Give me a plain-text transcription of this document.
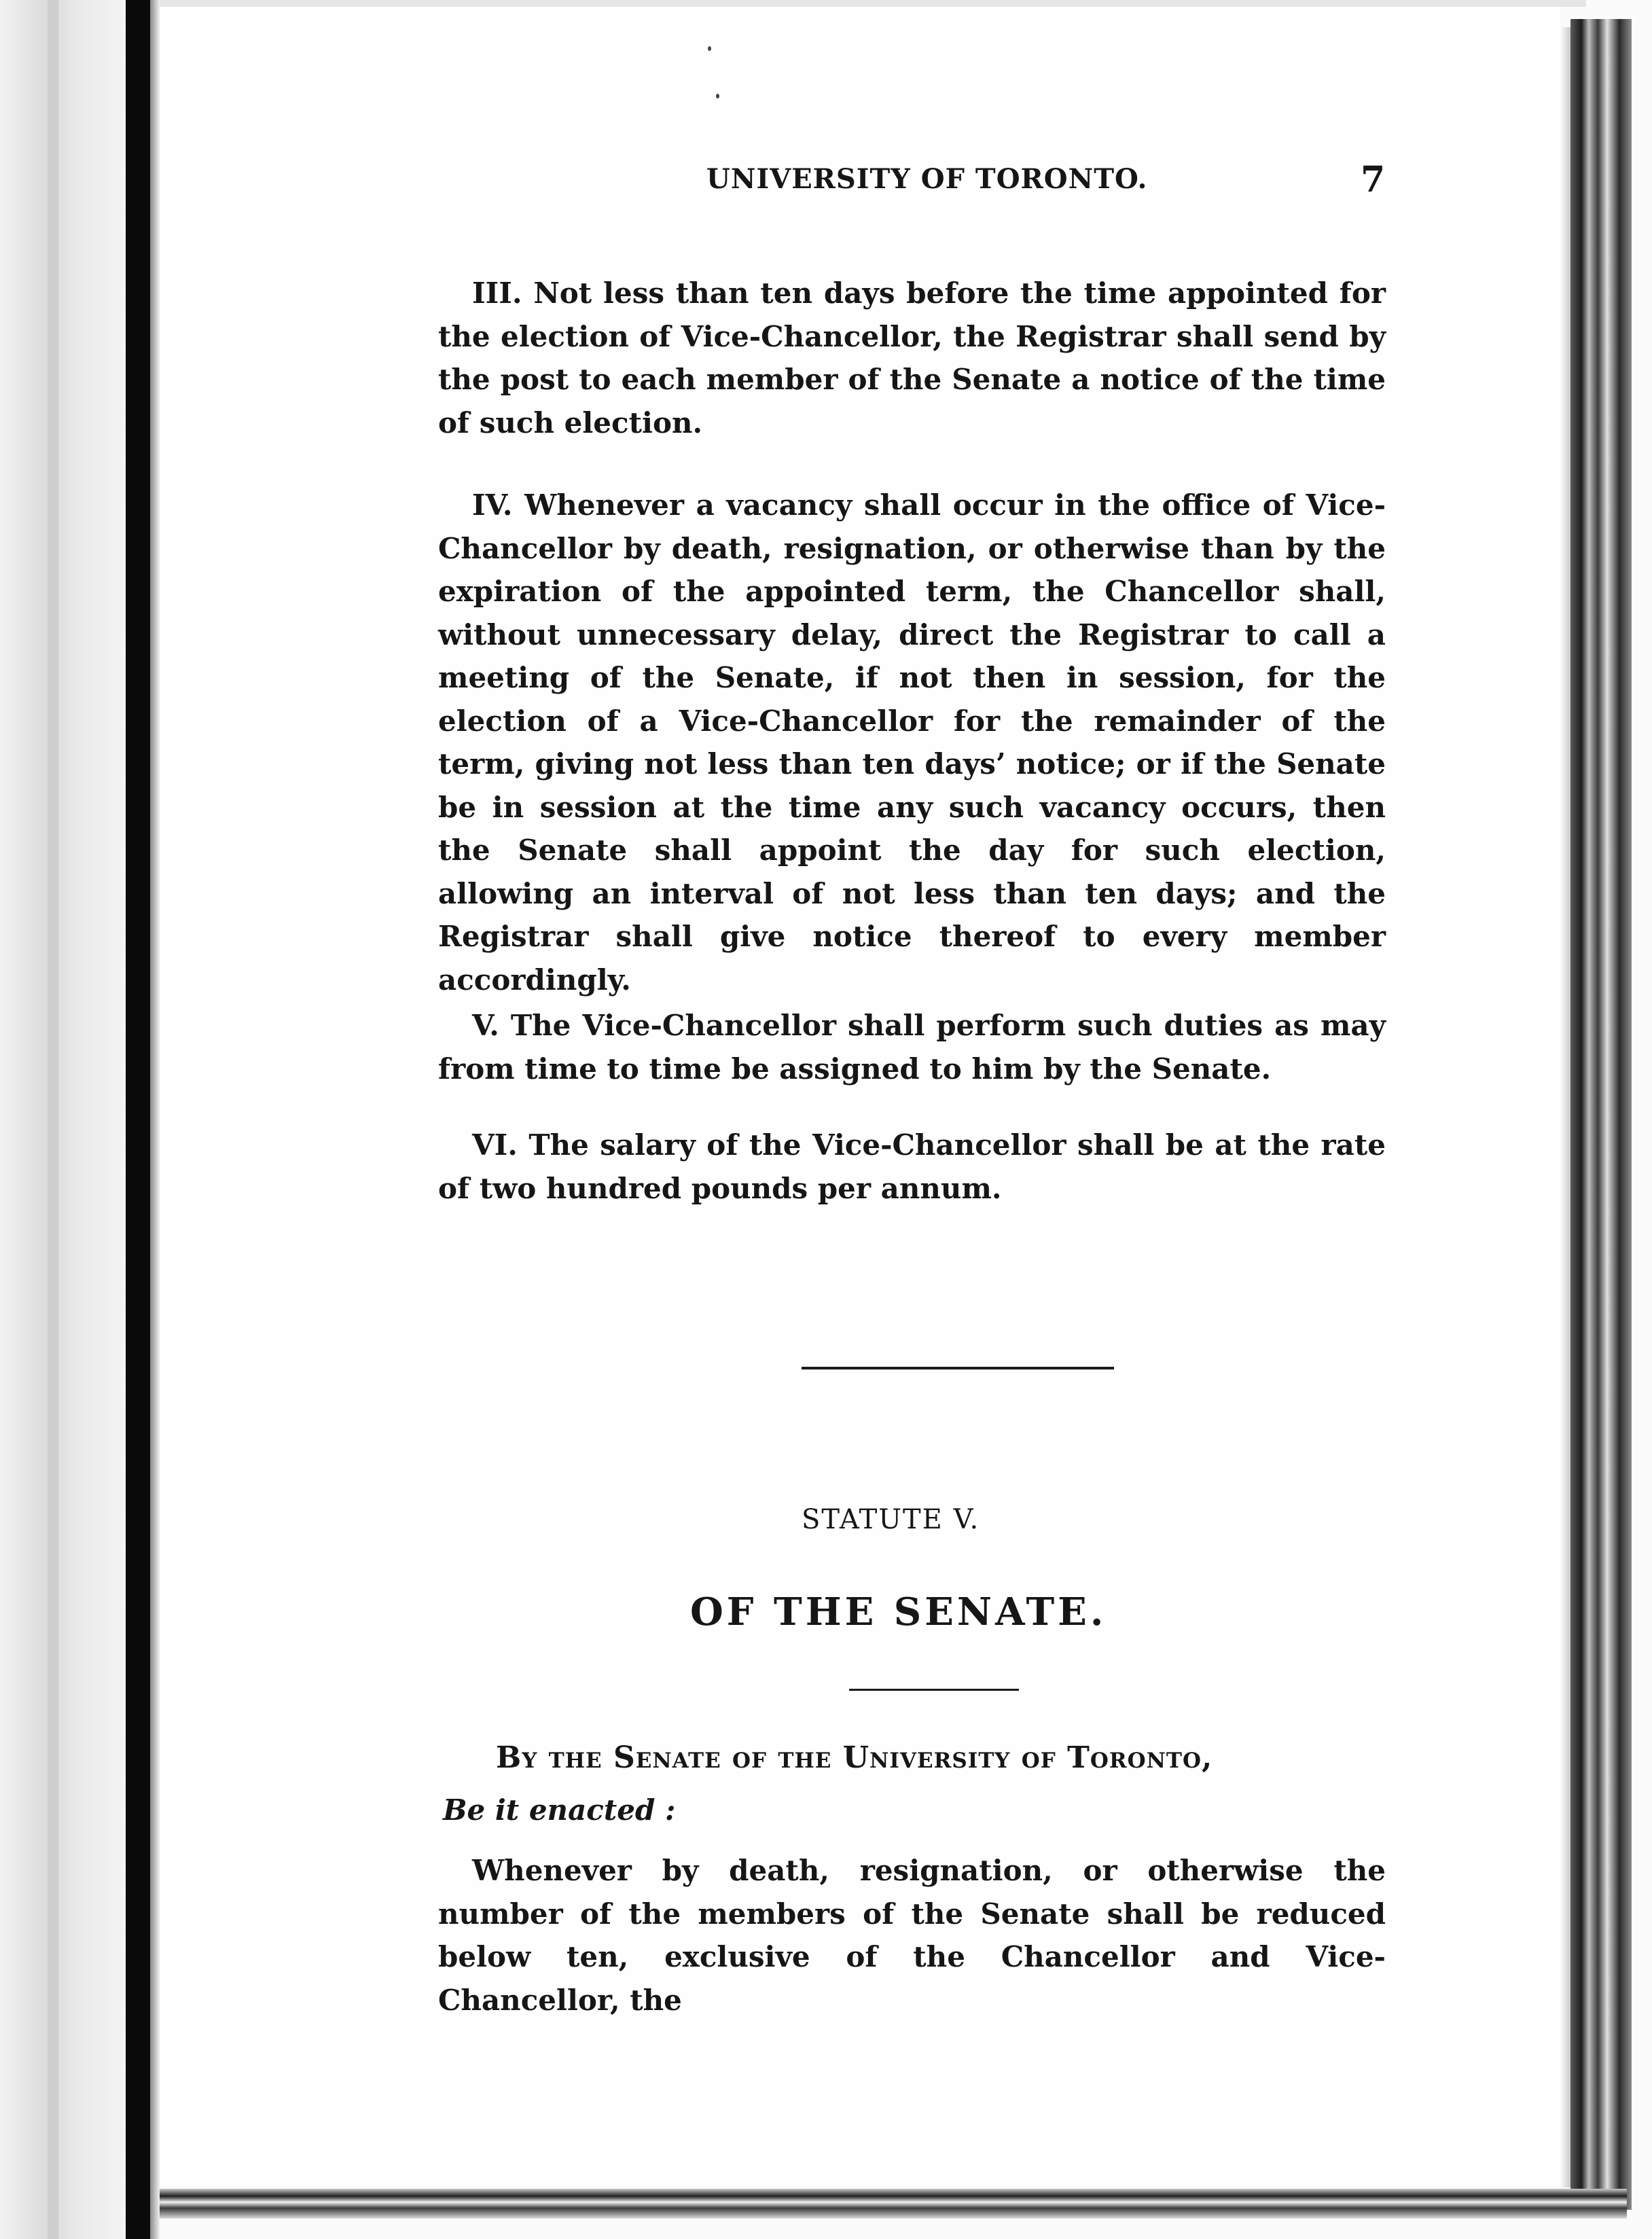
UNIVERSITY OF TORONTO.	7

III. Not less than ten days before the time appointed for the election of Vice-Chancellor, the Registrar shall send by the post to each member of the Senate a notice of the time of such election.

IV. Whenever a vacancy shall occur in the office of Vice-Chancellor by death, resignation, or otherwise than by the expiration of the appointed term, the Chancellor shall, without unnecessary delay, direct the Registrar to call a meeting of the Senate, if not then in session, for the election of a Vice-Chancellor for the remainder of the term, giving not less than ten days’ notice; or if the Senate be in session at the time any such vacancy occurs, then the Senate shall appoint the day for such election, allowing an interval of not less than ten days; and the Registrar shall give notice thereof to every member accordingly.

V. The Vice-Chancellor shall perform such duties as may from time to time be assigned to him by the Senate.

VI. The salary of the Vice-Chancellor shall be at the rate of two hundred pounds per annum.

STATUTE V.
OF THE SENATE.
By the Senate of the University of Toronto,
Be it enacted :

Whenever by death, resignation, or otherwise the number of the members of the Senate shall be reduced below ten, exclusive of the Chancellor and Vice-Chancellor, the
